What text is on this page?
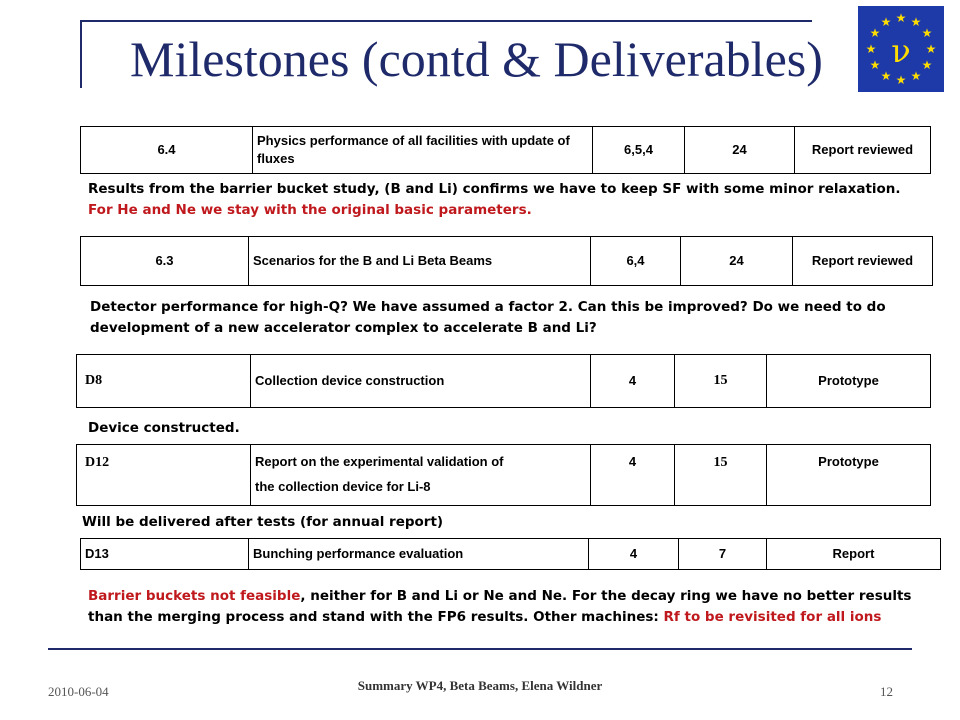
Milestones (contd & Deliverables)
★ ★
★
★
★
★
★
★
★
★
★
★
ν
6.4	Physics performance of all facilities with update of fluxes	6,5,4	24	Report reviewed
Results from the barrier bucket study, (B and Li) confirms we have to keep SF with some minor relaxation.
For He and Ne we stay with the original basic parameters.
6.3	Scenarios for the B and Li Beta Beams	6,4	24	Report reviewed
Detector performance for high-Q? We have assumed a factor 2. Can this be improved? Do we need to do
development of a new accelerator complex to accelerate B and Li?
D8	Collection device construction	4	15	Prototype
Device constructed.
D12	Report on the experimental validation of the collection device for Li-8	4	15	Prototype
Will be delivered after tests (for annual report)
D13	Bunching performance evaluation	4	7	Report
Barrier buckets not feasible, neither for B and Li or Ne and Ne. For the decay ring we have no better results
than the merging process and stand with the FP6 results. Other machines: Rf to be revisited for all ions
2010-06-04	Summary WP4, Beta Beams, Elena Wildner	12
